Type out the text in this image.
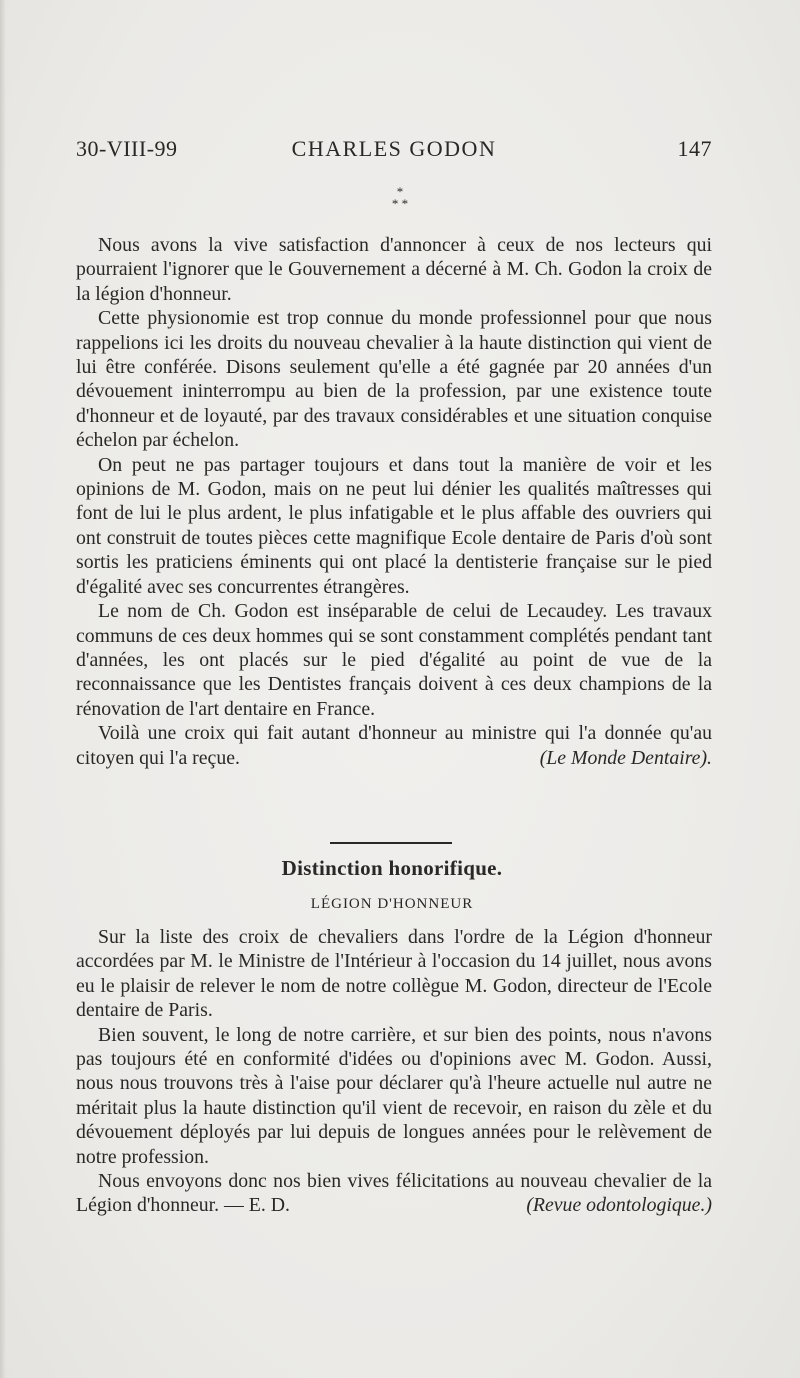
CHARLES GODON
30-VIII-99	147
*
* *

Nous avons la vive satisfaction d'annoncer à ceux de nos lecteurs qui pourraient l'ignorer que le Gouvernement a décerné à M. Ch. Godon la croix de la légion d'honneur.

Cette physionomie est trop connue du monde professionnel pour que nous rappelions ici les droits du nouveau chevalier à la haute distinction qui vient de lui être conférée. Disons seulement qu'elle a été gagnée par 20 années d'un dévouement ininterrompu au bien de la profession, par une existence toute d'honneur et de loyauté, par des travaux considérables et une situation conquise échelon par échelon.

On peut ne pas partager toujours et dans tout la manière de voir et les opinions de M. Godon, mais on ne peut lui dénier les qualités maîtresses qui font de lui le plus ardent, le plus infatigable et le plus affable des ouvriers qui ont construit de toutes pièces cette magnifique Ecole dentaire de Paris d'où sont sortis les praticiens éminents qui ont placé la dentisterie française sur le pied d'égalité avec ses concurrentes étrangères.

Le nom de Ch. Godon est inséparable de celui de Lecaudey. Les travaux communs de ces deux hommes qui se sont constamment complétés pendant tant d'années, les ont placés sur le pied d'égalité au point de vue de la reconnaissance que les Dentistes français doivent à ces deux champions de la rénovation de l'art dentaire en France.

Voilà une croix qui fait autant d'honneur au ministre qui l'a donnée qu'au citoyen qui l'a reçue.	(Le Monde Dentaire).

Distinction honorifique.
LÉGION D'HONNEUR

Sur la liste des croix de chevaliers dans l'ordre de la Légion d'honneur accordées par M. le Ministre de l'Intérieur à l'occasion du 14 juillet, nous avons eu le plaisir de relever le nom de notre collègue M. Godon, directeur de l'Ecole dentaire de Paris.

Bien souvent, le long de notre carrière, et sur bien des points, nous n'avons pas toujours été en conformité d'idées ou d'opinions avec M. Godon. Aussi, nous nous trouvons très à l'aise pour déclarer qu'à l'heure actuelle nul autre ne méritait plus la haute distinction qu'il vient de recevoir, en raison du zèle et du dévouement déployés par lui depuis de longues années pour le relèvement de notre profession.

Nous envoyons donc nos bien vives félicitations au nouveau chevalier de la Légion d'honneur. — E. D.	(Revue odontologique.)
